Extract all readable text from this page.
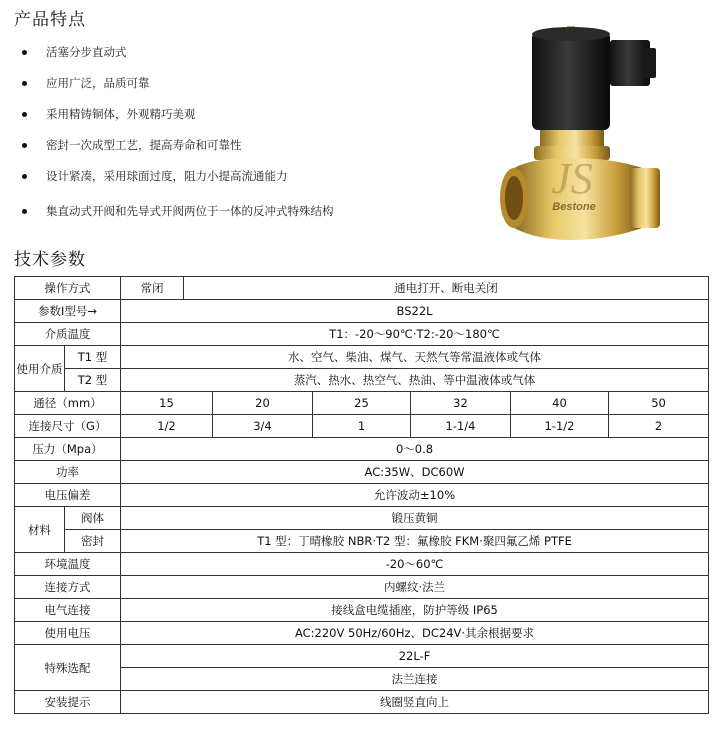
产品特点
活塞分步直动式
应用广泛，品质可靠
采用精铸铜体，外观精巧美观
密封一次成型工艺，提高寿命和可靠性
设计紧凑，采用球面过度，阻力小提高流通能力
集直动式开阀和先导式开阀两位于一体的反冲式特殊结构
JS
Bestone
技术参数
操作方式		常闭	通电打开、断电关闭					
参数Ⅰ型号→		BS22L						
介质温度		T1：-20～90℃·T2:-20～180℃						
使用介质	T1 型	水、空气、柴油、煤气、天然气等常温液体或气体						
	T2 型	蒸汽、热水、热空气、热油、等中温液体或气体						
通径（mm）		15		20	25	32	40	50
连接尺寸（G）		1/2		3/4	1	1-1/4	1-1/2	2
压力（Mpa）		0～0.8						
功率		AC:35W、DC60W						
电压偏差		允许波动±10%						
材料	阀体	锻压黄铜						
	密封	T1 型：丁晴橡胶 NBR·T2 型：氟橡胶 FKM·聚四氟乙烯 PTFE						
环境温度		-20～60℃						
连接方式		内螺纹·法兰						
电气连接		接线盒电缆插座，防护等级 IP65						
使用电压		AC:220V 50Hz/60Hz、DC24V·其余根据要求						
特殊选配		22L-F						
		法兰连接						
安装提示		线圈竖直向上						
